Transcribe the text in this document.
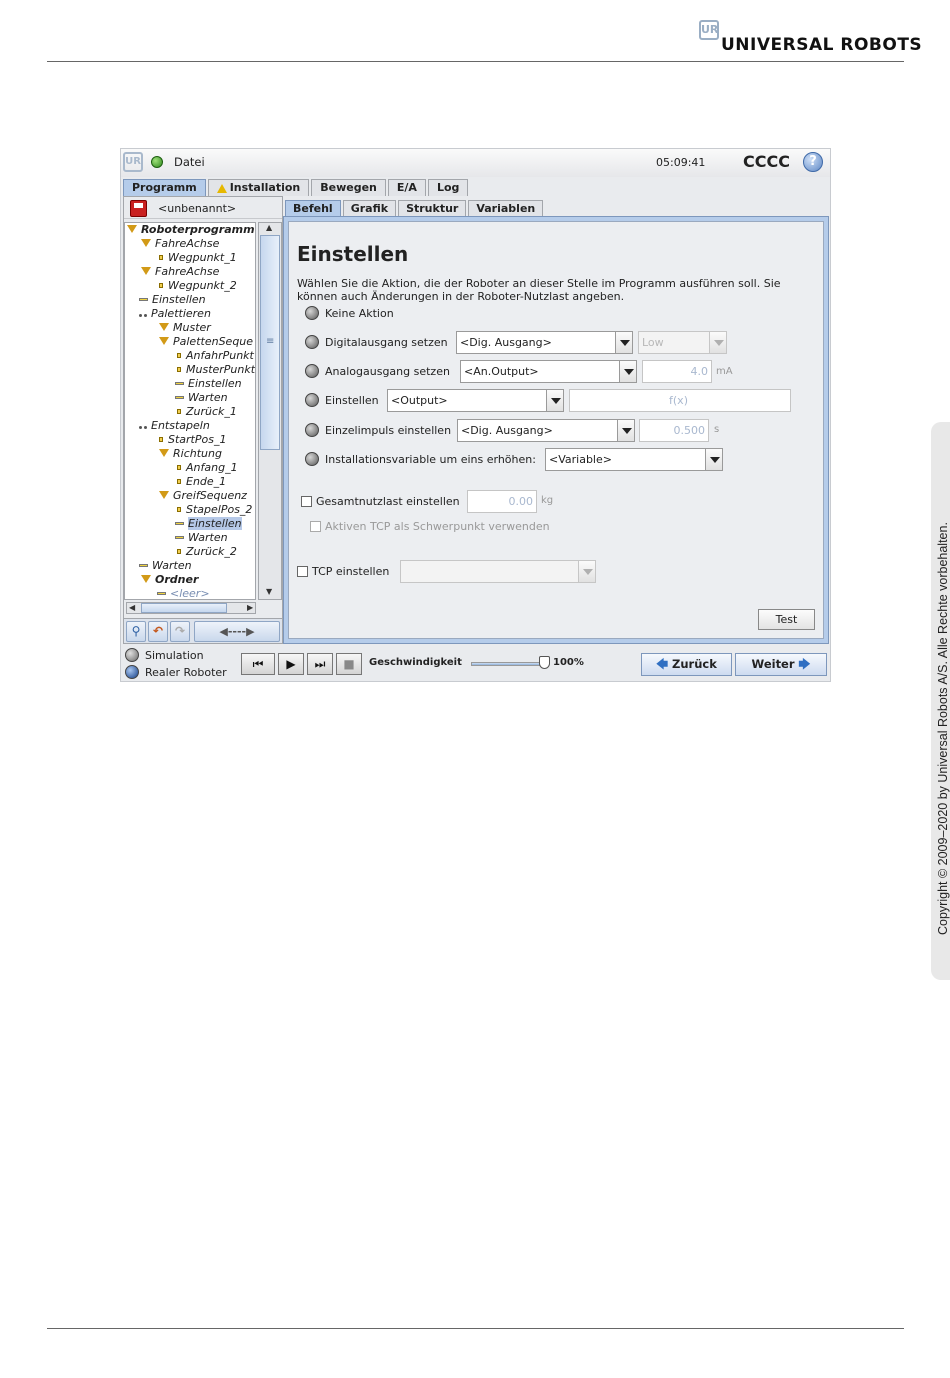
UR
UNIVERSAL ROBOTS
Copyright © 2009–2020 by Universal Robots A/S. Alle Rechte vorbehalten.
UR	Datei	05:09:41 CCCC	?
Programm	Installation Bewegen E/A Log
<unbenannt>
Roboterprogramm
FahreAchse
Wegpunkt_1
FahreAchse
Wegpunkt_2
Einstellen
Palettieren
Muster
PalettenSeque
AnfahrPunkt
MusterPunkt
Einstellen
Warten
Zurück_1
Entstapeln
StartPos_1
Richtung
Anfang_1
Ende_1
GreifSequenz
StapelPos_2
Einstellen
Warten
Zurück_2
Warten
Ordner
<leer>
▲
≡
▼
◀	▶
⚲	↶ ↷	◀----▶
Befehl	Grafik	Struktur	Variablen
Einstellen
Wählen Sie die Aktion, die der Roboter an dieser Stelle im Programm ausführen soll. Sie können auch Änderungen in der Roboter-Nutzlast angeben.
Keine Aktion
Digitalausgang setzen	<Dig. Ausgang>	Low
Analogausgang setzen	<An.Output>	4.0 mA
Einstellen	<Output>	f(x)
Einzelimpuls einstellen <Dig. Ausgang>	0.500 s
Installationsvariable um eins erhöhen:	<Variable>
Gesamtnutzlast einstellen	0.00 kg
Aktiven TCP als Schwerpunkt verwenden
TCP einstellen
Test
Simulation
Realer Roboter
⏮	▶	⏭	■	Geschwindigkeit	100%	🡄 Zurück	Weiter 🡆
